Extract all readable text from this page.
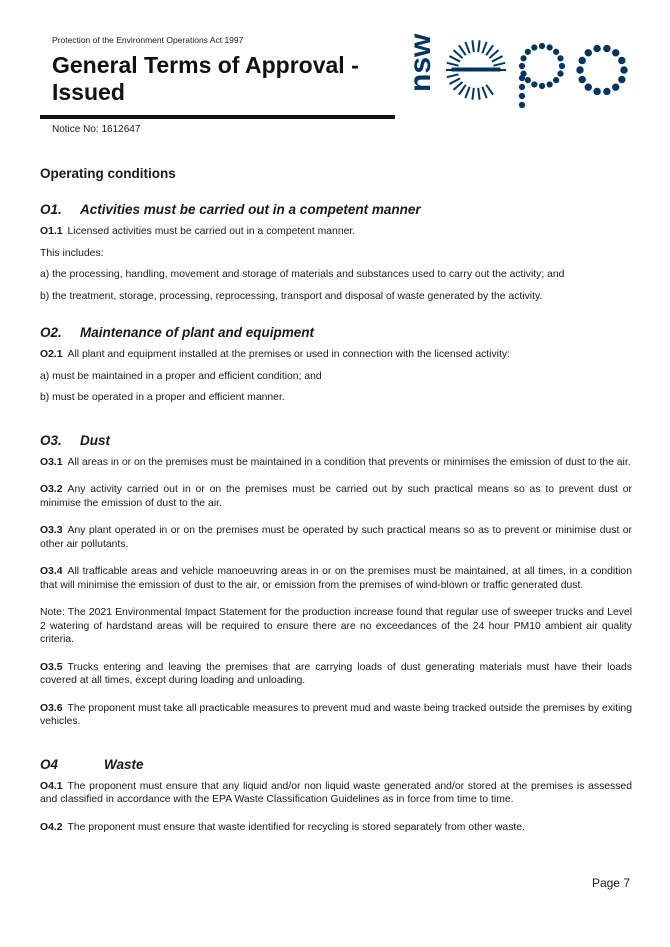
Protection of the Environment Operations Act 1997
General Terms of Approval - Issued
Notice No: 1612647
nsw
Operating conditions
O1.	Activities must be carried out in a competent manner

O1.1 Licensed activities must be carried out in a competent manner.

This includes:

a) the processing, handling, movement and storage of materials and substances used to carry out the activity; and

b) the treatment, storage, processing, reprocessing, transport and disposal of waste generated by the activity.

O2.	Maintenance of plant and equipment

O2.1 All plant and equipment installed at the premises or used in connection with the licensed activity:

a) must be maintained in a proper and efficient condition; and

b) must be operated in a proper and efficient manner.

O3.	Dust

O3.1 All areas in or on the premises must be maintained in a condition that prevents or minimises the emission of dust to the air.

O3.2 Any activity carried out in or on the premises must be carried out by such practical means so as to prevent dust or minimise the emission of dust to the air.

O3.3 Any plant operated in or on the premises must be operated by such practical means so as to prevent or minimise dust or other air pollutants.

O3.4 All trafficable areas and vehicle manoeuvring areas in or on the premises must be maintained, at all times, in a condition that will minimise the emission of dust to the air, or emission from the premises of wind-blown or traffic generated dust.

Note: The 2021 Environmental Impact Statement for the production increase found that regular use of sweeper trucks and Level 2 watering of hardstand areas will be required to ensure there are no exceedances of the 24 hour PM10 ambient air quality criteria.

O3.5 Trucks entering and leaving the premises that are carrying loads of dust generating materials must have their loads covered at all times, except during loading and unloading.

O3.6 The proponent must take all practicable measures to prevent mud and waste being tracked outside the premises by exiting vehicles.

O4	Waste

O4.1 The proponent must ensure that any liquid and/or non liquid waste generated and/or stored at the premises is assessed and classified in accordance with the EPA Waste Classification Guidelines as in force from time to time.

O4.2 The proponent must ensure that waste identified for recycling is stored separately from other waste.

Page 7
